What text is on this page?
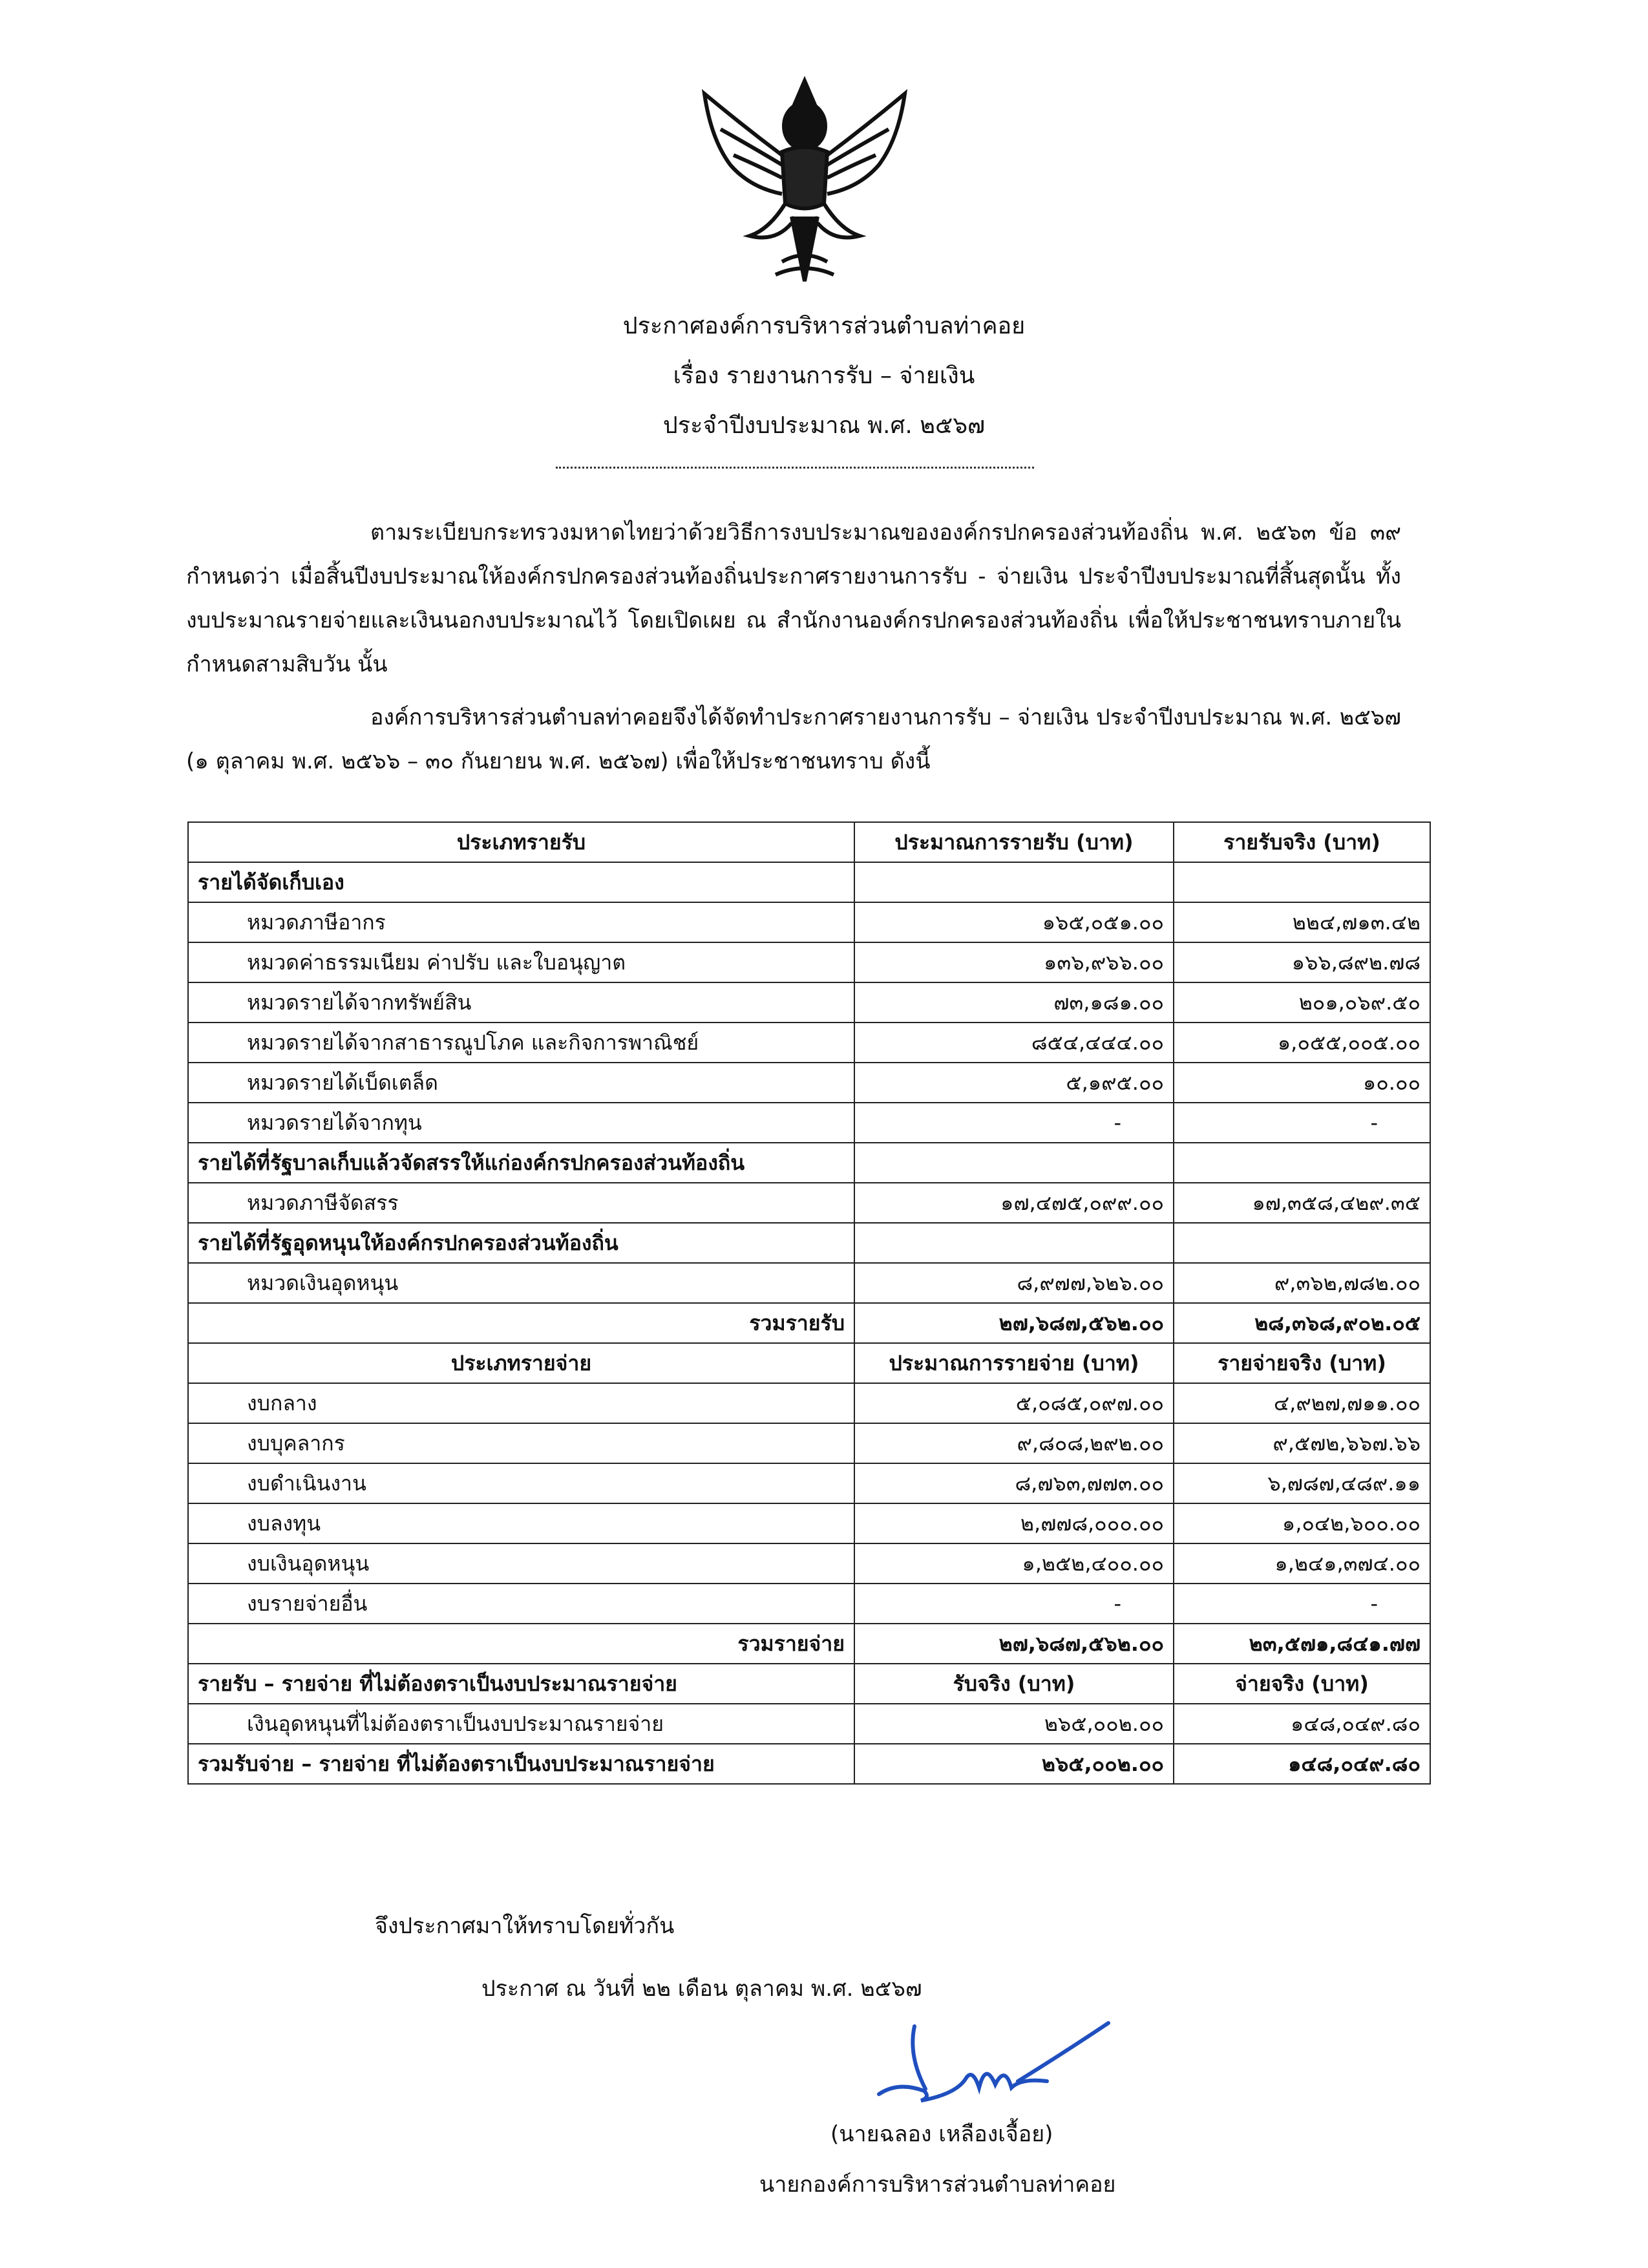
ประกาศองค์การบริหารส่วนตำบลท่าคอย
เรื่อง รายงานการรับ – จ่ายเงิน
ประจำปีงบประมาณ พ.ศ. ๒๕๖๗
ตามระเบียบกระทรวงมหาดไทยว่าด้วยวิธีการงบประมาณขององค์กรปกครองส่วนท้องถิ่น พ.ศ. ๒๕๖๓ ข้อ ๓๙ กำหนดว่า เมื่อสิ้นปีงบประมาณให้องค์กรปกครองส่วนท้องถิ่นประกาศรายงานการรับ - จ่ายเงิน ประจำปีงบประมาณที่สิ้นสุดนั้น ทั้งงบประมาณรายจ่ายและเงินนอกงบประมาณไว้ โดยเปิดเผย ณ สำนักงานองค์กรปกครองส่วนท้องถิ่น เพื่อให้ประชาชนทราบภายในกำหนดสามสิบวัน นั้น
องค์การบริหารส่วนตำบลท่าคอยจึงได้จัดทำประกาศรายงานการรับ – จ่ายเงิน ประจำปีงบประมาณ พ.ศ. ๒๕๖๗ (๑ ตุลาคม พ.ศ. ๒๕๖๖ – ๓๐ กันยายน พ.ศ. ๒๕๖๗) เพื่อให้ประชาชนทราบ ดังนี้
ประเภทรายรับ	ประมาณการรายรับ (บาท)	รายรับจริง (บาท)
รายได้จัดเก็บเอง		
หมวดภาษีอากร	๑๖๕,๐๕๑.๐๐	๒๒๔,๗๑๓.๔๒
หมวดค่าธรรมเนียม ค่าปรับ และใบอนุญาต	๑๓๖,๙๖๖.๐๐	๑๖๖,๘๙๒.๗๘
หมวดรายได้จากทรัพย์สิน	๗๓,๑๘๑.๐๐	๒๐๑,๐๖๙.๕๐
หมวดรายได้จากสาธารณูปโภค และกิจการพาณิชย์	๘๕๔,๔๔๔.๐๐	๑,๐๕๕,๐๐๕.๐๐
หมวดรายได้เบ็ดเตล็ด	๕,๑๙๕.๐๐	๑๐.๐๐
หมวดรายได้จากทุน	-	-
รายได้ที่รัฐบาลเก็บแล้วจัดสรรให้แก่องค์กรปกครองส่วนท้องถิ่น		
หมวดภาษีจัดสรร	๑๗,๔๗๕,๐๙๙.๐๐	๑๗,๓๕๘,๔๒๙.๓๕
รายได้ที่รัฐอุดหนุนให้องค์กรปกครองส่วนท้องถิ่น		
หมวดเงินอุดหนุน	๘,๙๗๗,๖๒๖.๐๐	๙,๓๖๒,๗๘๒.๐๐
รวมรายรับ	๒๗,๖๘๗,๕๖๒.๐๐	๒๘,๓๖๘,๙๐๒.๐๕
ประเภทรายจ่าย	ประมาณการรายจ่าย (บาท)	รายจ่ายจริง (บาท)
งบกลาง	๕,๐๘๕,๐๙๗.๐๐	๔,๙๒๗,๗๑๑.๐๐
งบบุคลากร	๙,๘๐๘,๒๙๒.๐๐	๙,๕๗๒,๖๖๗.๖๖
งบดำเนินงาน	๘,๗๖๓,๗๗๓.๐๐	๖,๗๘๗,๔๘๙.๑๑
งบลงทุน	๒,๗๗๘,๐๐๐.๐๐	๑,๐๔๒,๖๐๐.๐๐
งบเงินอุดหนุน	๑,๒๕๒,๔๐๐.๐๐	๑,๒๔๑,๓๗๔.๐๐
งบรายจ่ายอื่น	-	-
รวมรายจ่าย	๒๗,๖๘๗,๕๖๒.๐๐	๒๓,๕๗๑,๘๔๑.๗๗
รายรับ – รายจ่าย ที่ไม่ต้องตราเป็นงบประมาณรายจ่าย	รับจริง (บาท)	จ่ายจริง (บาท)
เงินอุดหนุนที่ไม่ต้องตราเป็นงบประมาณรายจ่าย	๒๖๕,๐๐๒.๐๐	๑๔๘,๐๔๙.๘๐
รวมรับจ่าย – รายจ่าย ที่ไม่ต้องตราเป็นงบประมาณรายจ่าย	๒๖๕,๐๐๒.๐๐	๑๔๘,๐๔๙.๘๐
จึงประกาศมาให้ทราบโดยทั่วกัน
ประกาศ ณ วันที่ ๒๒ เดือน ตุลาคม พ.ศ. ๒๕๖๗
(นายฉลอง เหลืองเจื้อย)
นายกองค์การบริหารส่วนตำบลท่าคอย
